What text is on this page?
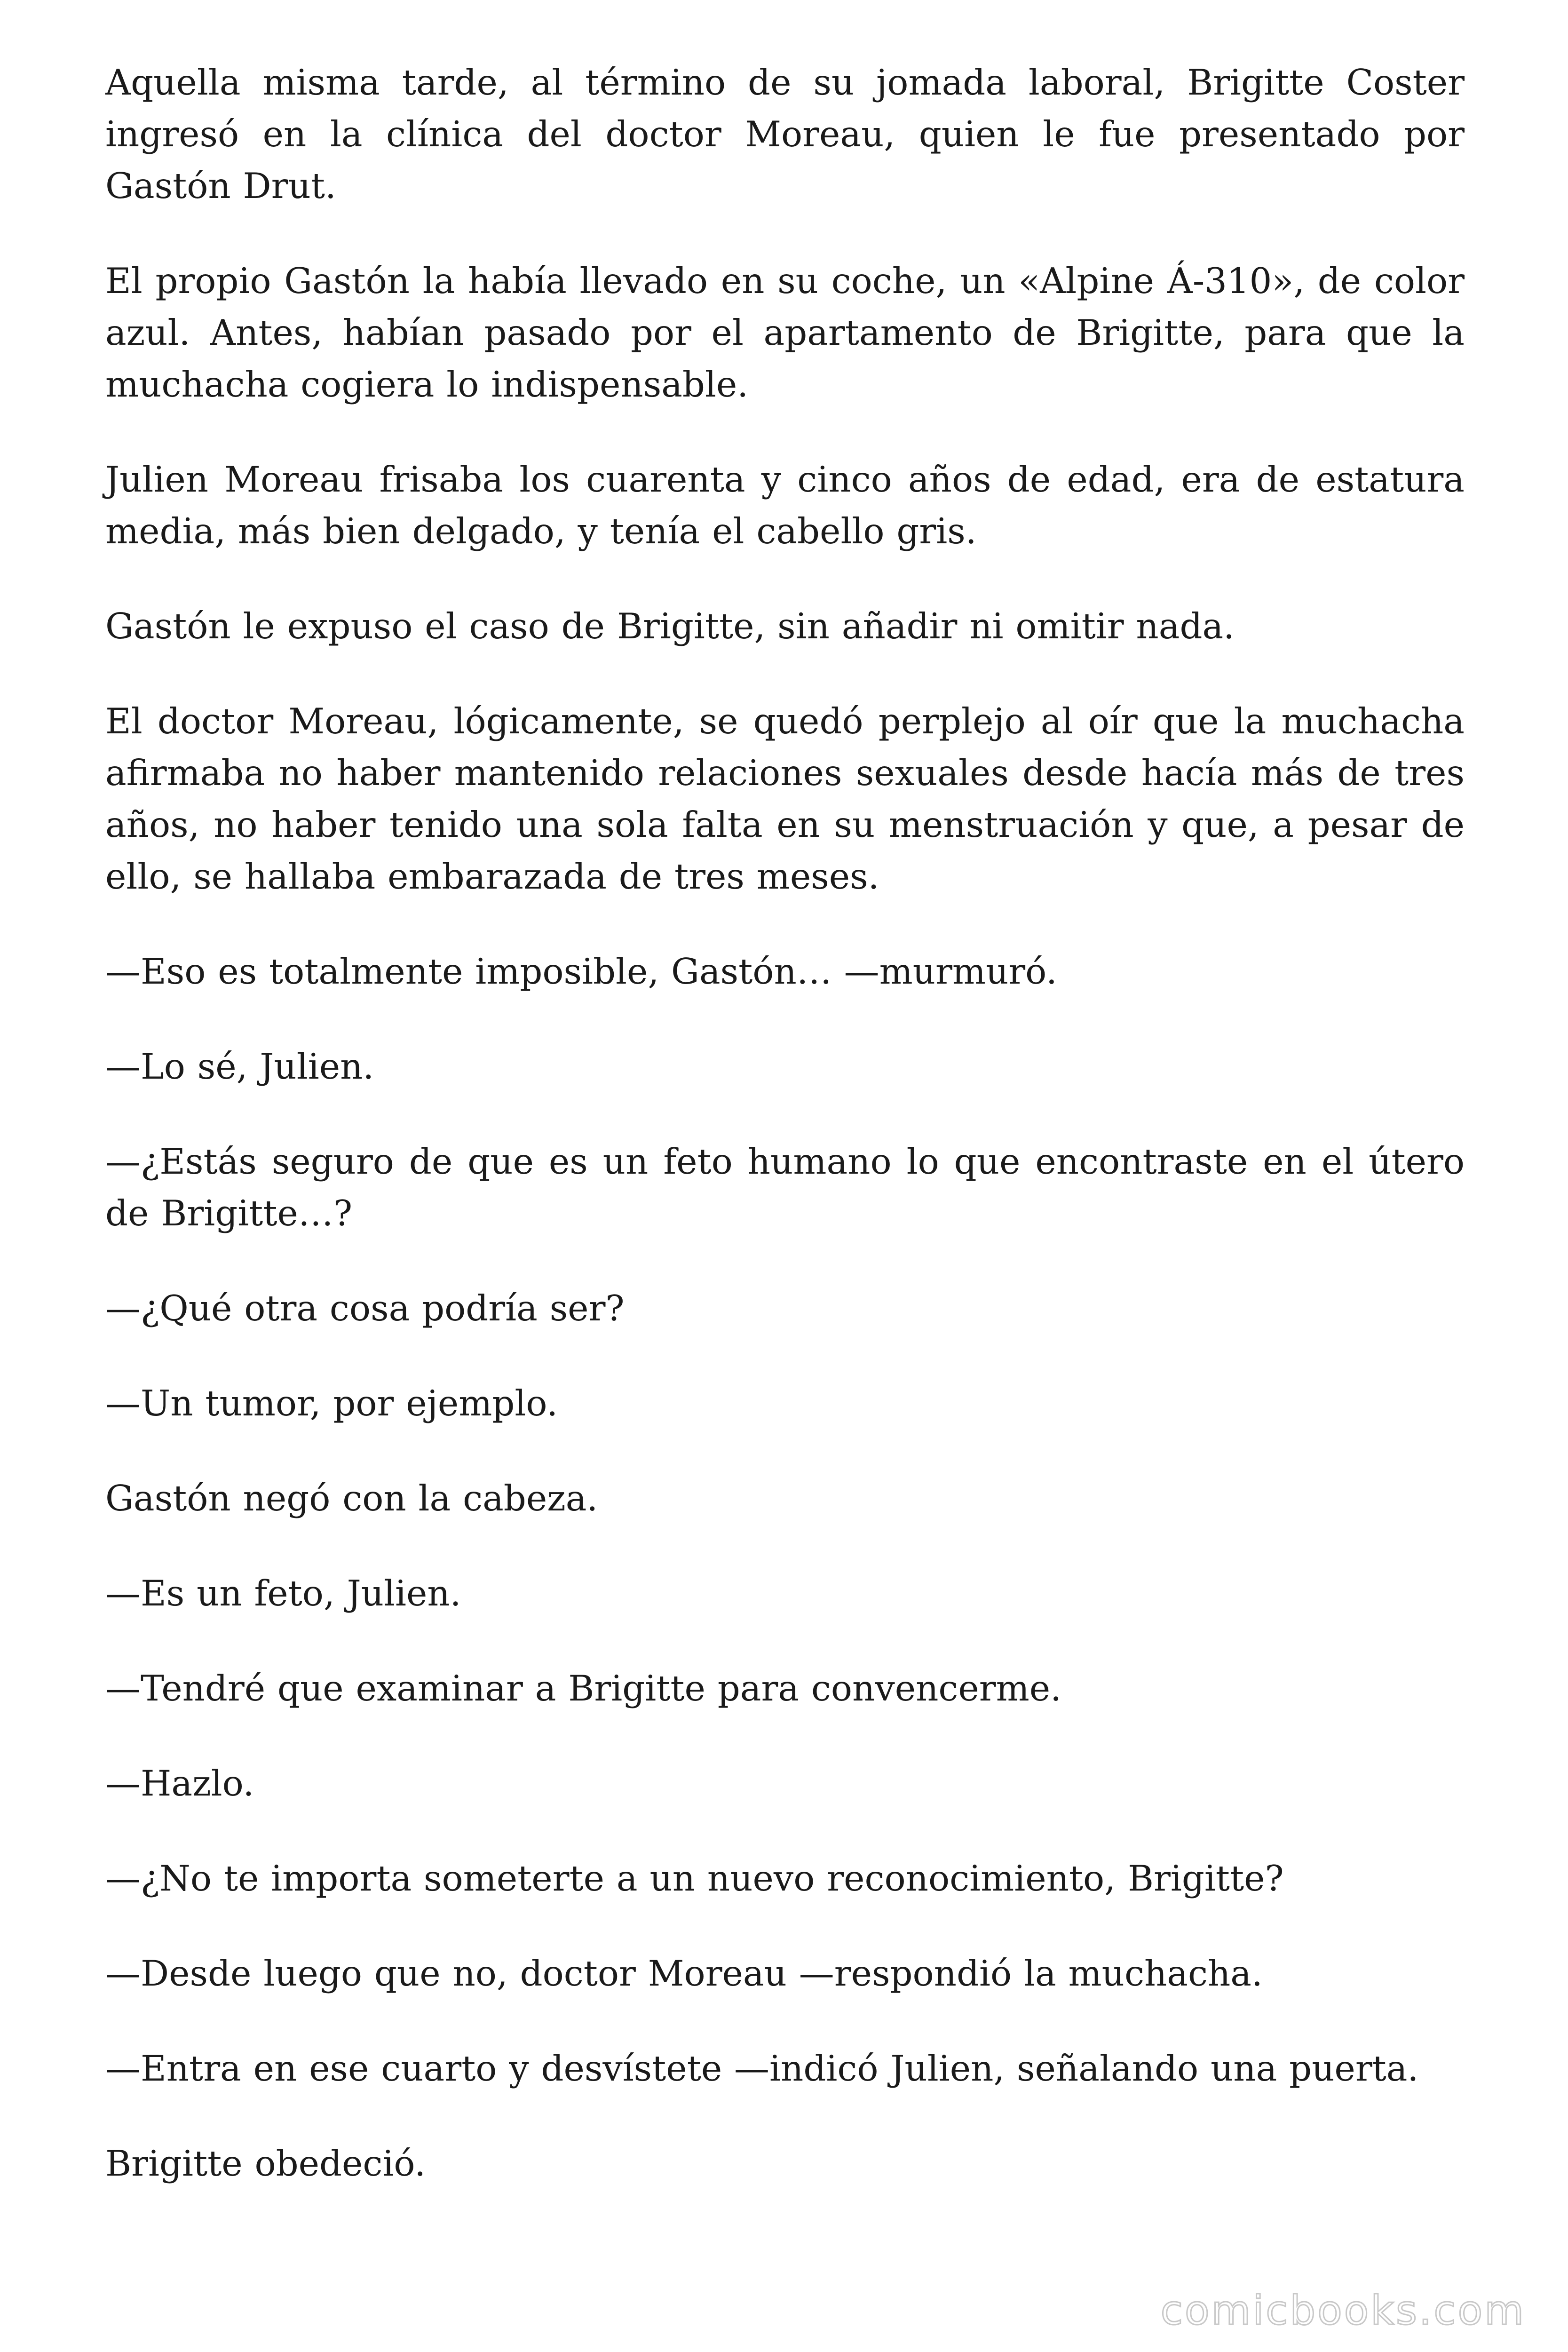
Aquella misma tarde, al término de su jomada laboral, Brigitte Coster ingresó en la clínica del doctor Moreau, quien le fue presentado por Gastón Drut.

El propio Gastón la había llevado en su coche, un «Alpine Á-310», de color azul. Antes, habían pasado por el apartamento de Brigitte, para que la muchacha cogiera lo indispensable.

Julien Moreau frisaba los cuarenta y cinco años de edad, era de estatura media, más bien delgado, y tenía el cabello gris.

Gastón le expuso el caso de Brigitte, sin añadir ni omitir nada.

El doctor Moreau, lógicamente, se quedó perplejo al oír que la muchacha afirmaba no haber mantenido relaciones sexuales desde hacía más de tres años, no haber tenido una sola falta en su menstruación y que, a pesar de ello, se hallaba embarazada de tres meses.

—Eso es totalmente imposible, Gastón… —murmuró.

—Lo sé, Julien.

—¿Estás seguro de que es un feto humano lo que encontraste en el útero de Brigitte…?

—¿Qué otra cosa podría ser?

—Un tumor, por ejemplo.

Gastón negó con la cabeza.

—Es un feto, Julien.

—Tendré que examinar a Brigitte para convencerme.

—Hazlo.

—¿No te importa someterte a un nuevo reconocimiento, Brigitte?

—Desde luego que no, doctor Moreau —respondió la muchacha.

—Entra en ese cuarto y desvístete —indicó Julien, señalando una puerta.

Brigitte obedeció.

comicbooks.com
